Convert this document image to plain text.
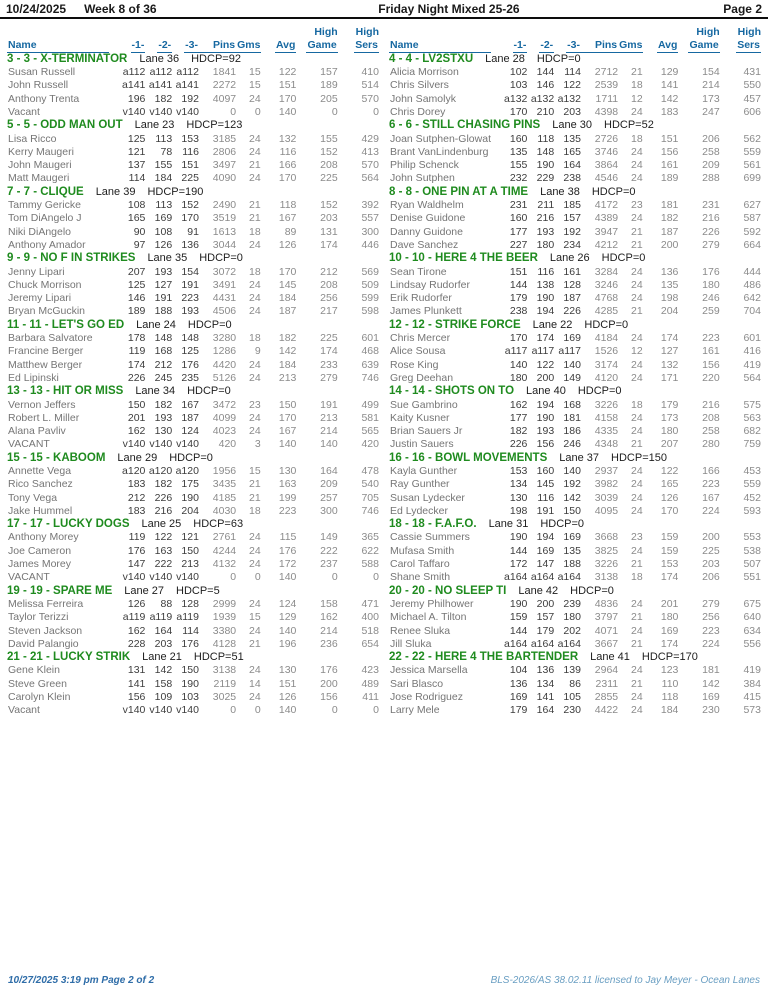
10/24/2025 Week 8 of 36	Friday Night Mixed 25-26	Page 2
							High	High
Name	-1-	-2-	-3-	Pins	Gms	Avg	Game	Sers
3 - 3 - X-TERMINATOR Lane 36 HDCP=92								
Susan Russell	a112	a112	a112	1841	15	122	157	410
John Russell	a141	a141	a141	2272	15	151	189	514
Anthony Trenta	196	182	192	4097	24	170	205	570
Vacant	v140	v140	v140	0	0	140	0	0
5 - 5 - ODD MAN OUT Lane 23 HDCP=123								
Lisa Ricco	125	113	153	3185	24	132	155	429
Kerry Maugeri	121	78	116	2806	24	116	152	413
John Maugeri	137	155	151	3497	21	166	208	570
Matt Maugeri	114	184	225	4090	24	170	225	564
7 - 7 - CLIQUE Lane 39 HDCP=190								
Tammy Gericke	108	113	152	2490	21	118	152	392
Tom DiAngelo J	165	169	170	3519	21	167	203	557
Niki DiAngelo	90	108	91	1613	18	89	131	300
Anthony Amador	97	126	136	3044	24	126	174	446
9 - 9 - NO F IN STRIKES Lane 35 HDCP=0								
Jenny Lipari	207	193	154	3072	18	170	212	569
Chuck Morrison	125	127	191	3491	24	145	208	509
Jeremy Lipari	146	191	223	4431	24	184	256	599
Bryan McGuckin	189	188	193	4506	24	187	217	598
11 - 11 - LET'S GO ED Lane 24 HDCP=0								
Barbara Salvatore	178	148	148	3280	18	182	225	601
Francine Berger	119	168	125	1286	9	142	174	468
Matthew Berger	174	212	176	4420	24	184	233	639
Ed Lipinski	226	245	235	5126	24	213	279	746
13 - 13 - HIT OR MISS Lane 34 HDCP=0								
Vernon Jeffers	150	182	167	3472	23	150	191	499
Robert L. Miller	201	193	187	4099	24	170	213	581
Alana Pavliv	162	130	124	4023	24	167	214	565
VACANT	v140	v140	v140	420	3	140	140	420
15 - 15 - KABOOM Lane 29 HDCP=0								
Annette Vega	a120	a120	a120	1956	15	130	164	478
Rico Sanchez	183	182	175	3435	21	163	209	540
Tony Vega	212	226	190	4185	21	199	257	705
Jake Hummel	183	216	204	4030	18	223	300	746
17 - 17 - LUCKY DOGS Lane 25 HDCP=63								
Anthony Morey	119	122	121	2761	24	115	149	365
Joe Cameron	176	163	150	4244	24	176	222	622
James Morey	147	222	213	4132	24	172	237	588
VACANT	v140	v140	v140	0	0	140	0	0
19 - 19 - SPARE ME Lane 27 HDCP=5								
Melissa Ferreira	126	88	128	2999	24	124	158	471
Taylor Terizzi	a119	a119	a119	1939	15	129	162	400
Steven Jackson	162	164	114	3380	24	140	214	518
David Palangio	228	203	176	4128	21	196	236	654
21 - 21 - LUCKY STRIK Lane 21 HDCP=51								
Gene Klein	131	142	150	3138	24	130	176	423
Steve Green	141	158	190	2119	14	151	200	489
Carolyn Klein	156	109	103	3025	24	126	156	411
Vacant	v140	v140	v140	0	0	140	0	0
							High	High
Name	-1-	-2-	-3-	Pins	Gms	Avg	Game	Sers
4 - 4 - LV2STXU Lane 28 HDCP=0								
Alicia Morrison	102	144	114	2712	21	129	154	431
Chris Silvers	103	146	122	2539	18	141	214	550
John Samolyk	a132	a132	a132	1711	12	142	173	457
Chris Dorey	170	210	203	4398	24	183	247	606
6 - 6 - STILL CHASING PINS Lane 30 HDCP=52								
Joan Sutphen-Glowat	160	118	135	2726	18	151	206	562
Brant VanLindenburg	135	148	165	3746	24	156	258	559
Philip Schenck	155	190	164	3864	24	161	209	561
John Sutphen	232	229	238	4546	24	189	288	699
8 - 8 - ONE PIN AT A TIME Lane 38 HDCP=0								
Ryan Waldhelm	231	211	185	4172	23	181	231	627
Denise Guidone	160	216	157	4389	24	182	216	587
Danny Guidone	177	193	192	3947	21	187	226	592
Dave Sanchez	227	180	234	4212	21	200	279	664
10 - 10 - HERE 4 THE BEER Lane 26 HDCP=0								
Sean Tirone	151	116	161	3284	24	136	176	444
Lindsay Rudorfer	144	138	128	3246	24	135	180	486
Erik Rudorfer	179	190	187	4768	24	198	246	642
James Plunkett	238	194	226	4285	21	204	259	704
12 - 12 - STRIKE FORCE Lane 22 HDCP=0								
Chris Mercer	170	174	169	4184	24	174	223	601
Alice Sousa	a117	a117	a117	1526	12	127	161	416
Rose King	140	122	140	3174	24	132	156	419
Greg Deehan	180	200	149	4120	24	171	220	564
14 - 14 - SHOTS ON TO Lane 40 HDCP=0								
Sue Gambrino	162	194	168	3226	18	179	216	575
Kaity Kusner	177	190	181	4158	24	173	208	563
Brian Sauers Jr	182	193	186	4335	24	180	258	682
Justin Sauers	226	156	246	4348	21	207	280	759
16 - 16 - BOWL MOVEMENTS Lane 37 HDCP=150								
Kayla Gunther	153	160	140	2937	24	122	166	453
Ray Gunther	134	145	192	3982	24	165	223	559
Susan Lydecker	130	116	142	3039	24	126	167	452
Ed Lydecker	198	191	150	4095	24	170	224	593
18 - 18 - F.A.F.O. Lane 31 HDCP=0								
Cassie Summers	190	194	169	3668	23	159	200	553
Mufasa Smith	144	169	135	3825	24	159	225	538
Carol Taffaro	172	147	188	3226	21	153	203	507
Shane Smith	a164	a164	a164	3138	18	174	206	551
20 - 20 - NO SLEEP TI Lane 42 HDCP=0								
Jeremy Philhower	190	200	239	4836	24	201	279	675
Michael A. Tilton	159	157	180	3797	21	180	256	640
Renee Sluka	144	179	202	4071	24	169	223	634
Jill Sluka	a164	a164	a164	3667	21	174	224	556
22 - 22 - HERE 4 THE BARTENDER Lane 41 HDCP=170								
Jessica Marsella	104	136	139	2964	24	123	181	419
Sari Blasco	136	134	86	2311	21	110	142	384
Jose Rodriguez	169	141	105	2855	24	118	169	415
Larry Mele	179	164	230	4422	24	184	230	573
10/27/2025 3:19 pm Page 2 of 2	BLS-2026/AS 38.02.11 licensed to Jay Meyer - Ocean Lanes
